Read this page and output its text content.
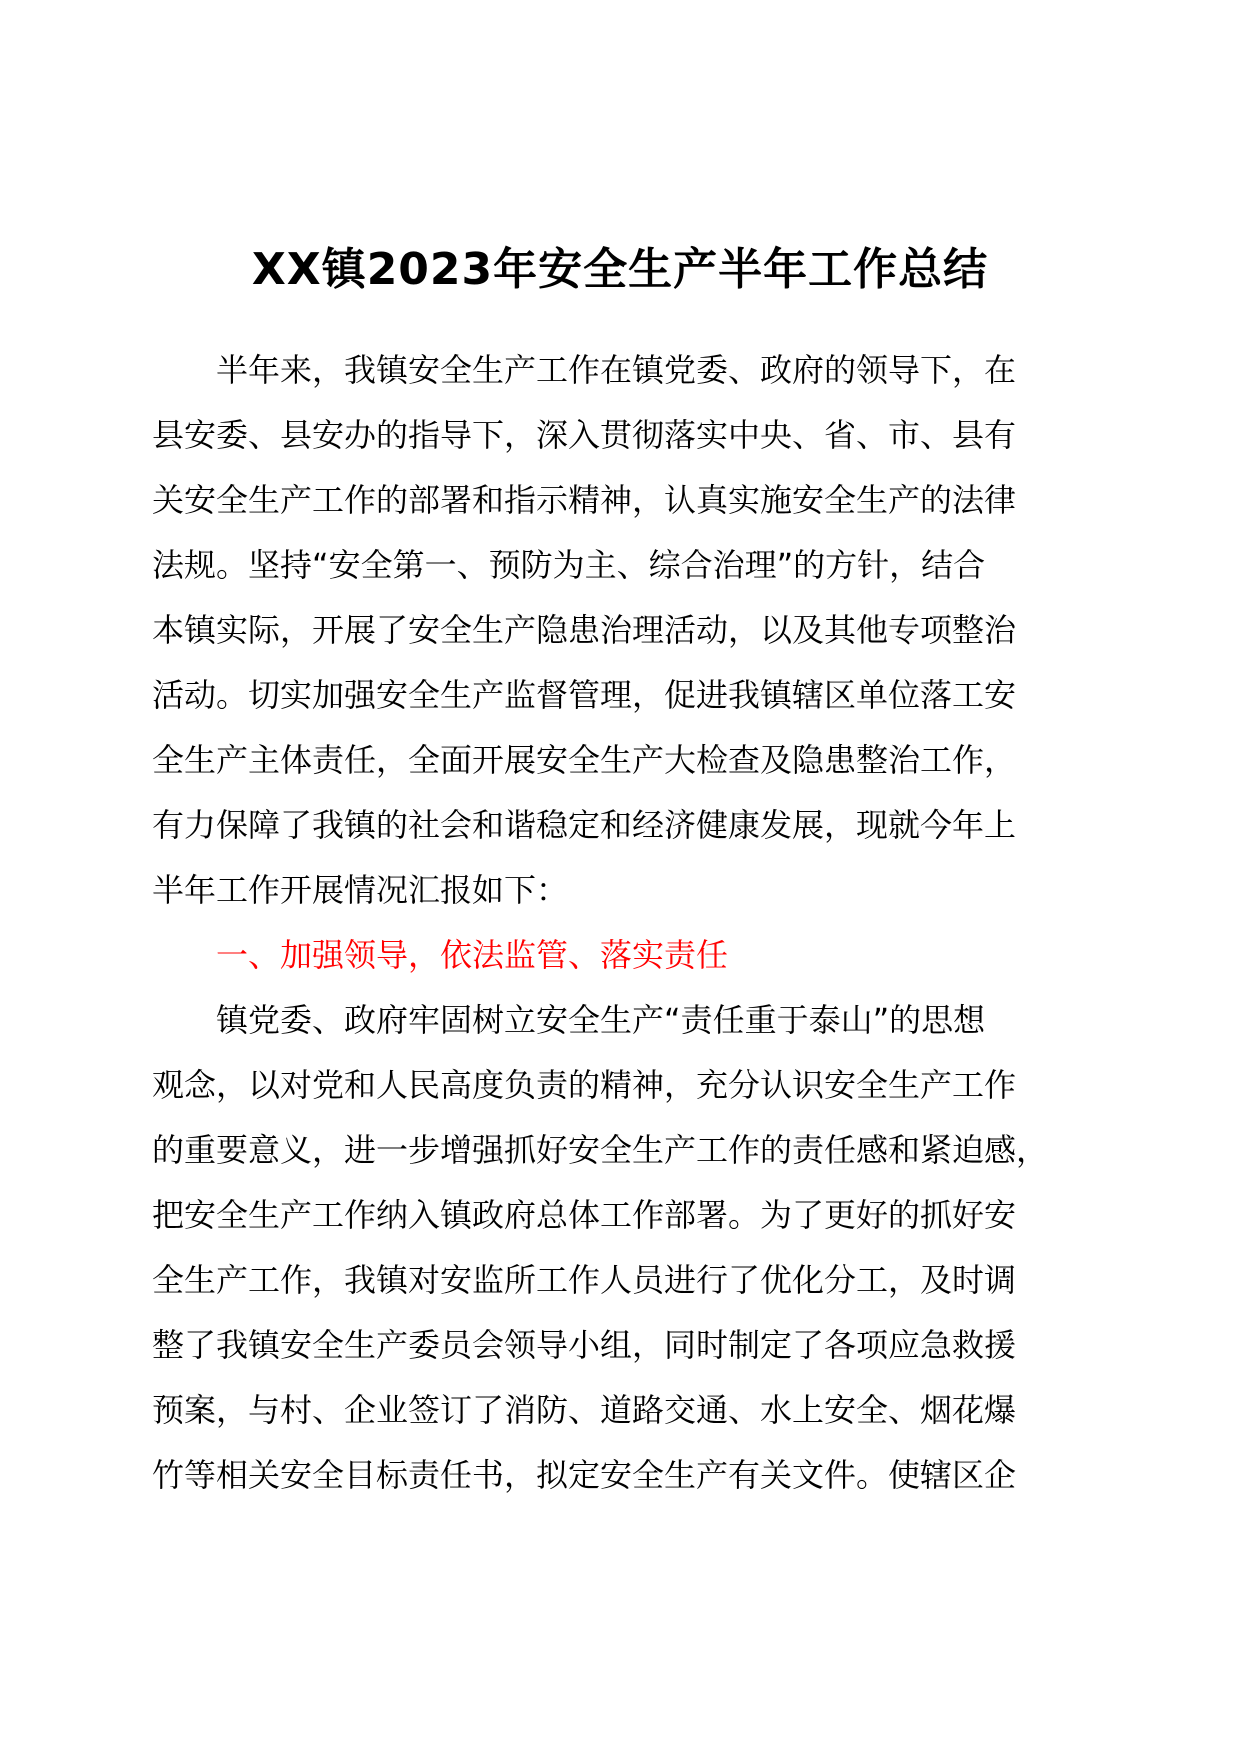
XX镇2023年安全生产半年工作总结

半年来，我镇安全生产工作在镇党委、政府的领导下，在

县安委、县安办的指导下，深入贯彻落实中央、省、市、县有

关安全生产工作的部署和指示精神，认真实施安全生产的法律

法规。坚持“安全第一、预防为主、综合治理”的方针，结合

本镇实际，开展了安全生产隐患治理活动，以及其他专项整治

活动。切实加强安全生产监督管理，促进我镇辖区单位落工安

全生产主体责任，全面开展安全生产大检查及隐患整治工作，

有力保障了我镇的社会和谐稳定和经济健康发展，现就今年上

半年工作开展情况汇报如下：

一、加强领导，依法监管、落实责任

镇党委、政府牢固树立安全生产“责任重于泰山”的思想

观念，以对党和人民高度负责的精神，充分认识安全生产工作

的重要意义，进一步增强抓好安全生产工作的责任感和紧迫感，

把安全生产工作纳入镇政府总体工作部署。为了更好的抓好安

全生产工作，我镇对安监所工作人员进行了优化分工，及时调

整了我镇安全生产委员会领导小组，同时制定了各项应急救援

预案，与村、企业签订了消防、道路交通、水上安全、烟花爆

竹等相关安全目标责任书，拟定安全生产有关文件。使辖区企
